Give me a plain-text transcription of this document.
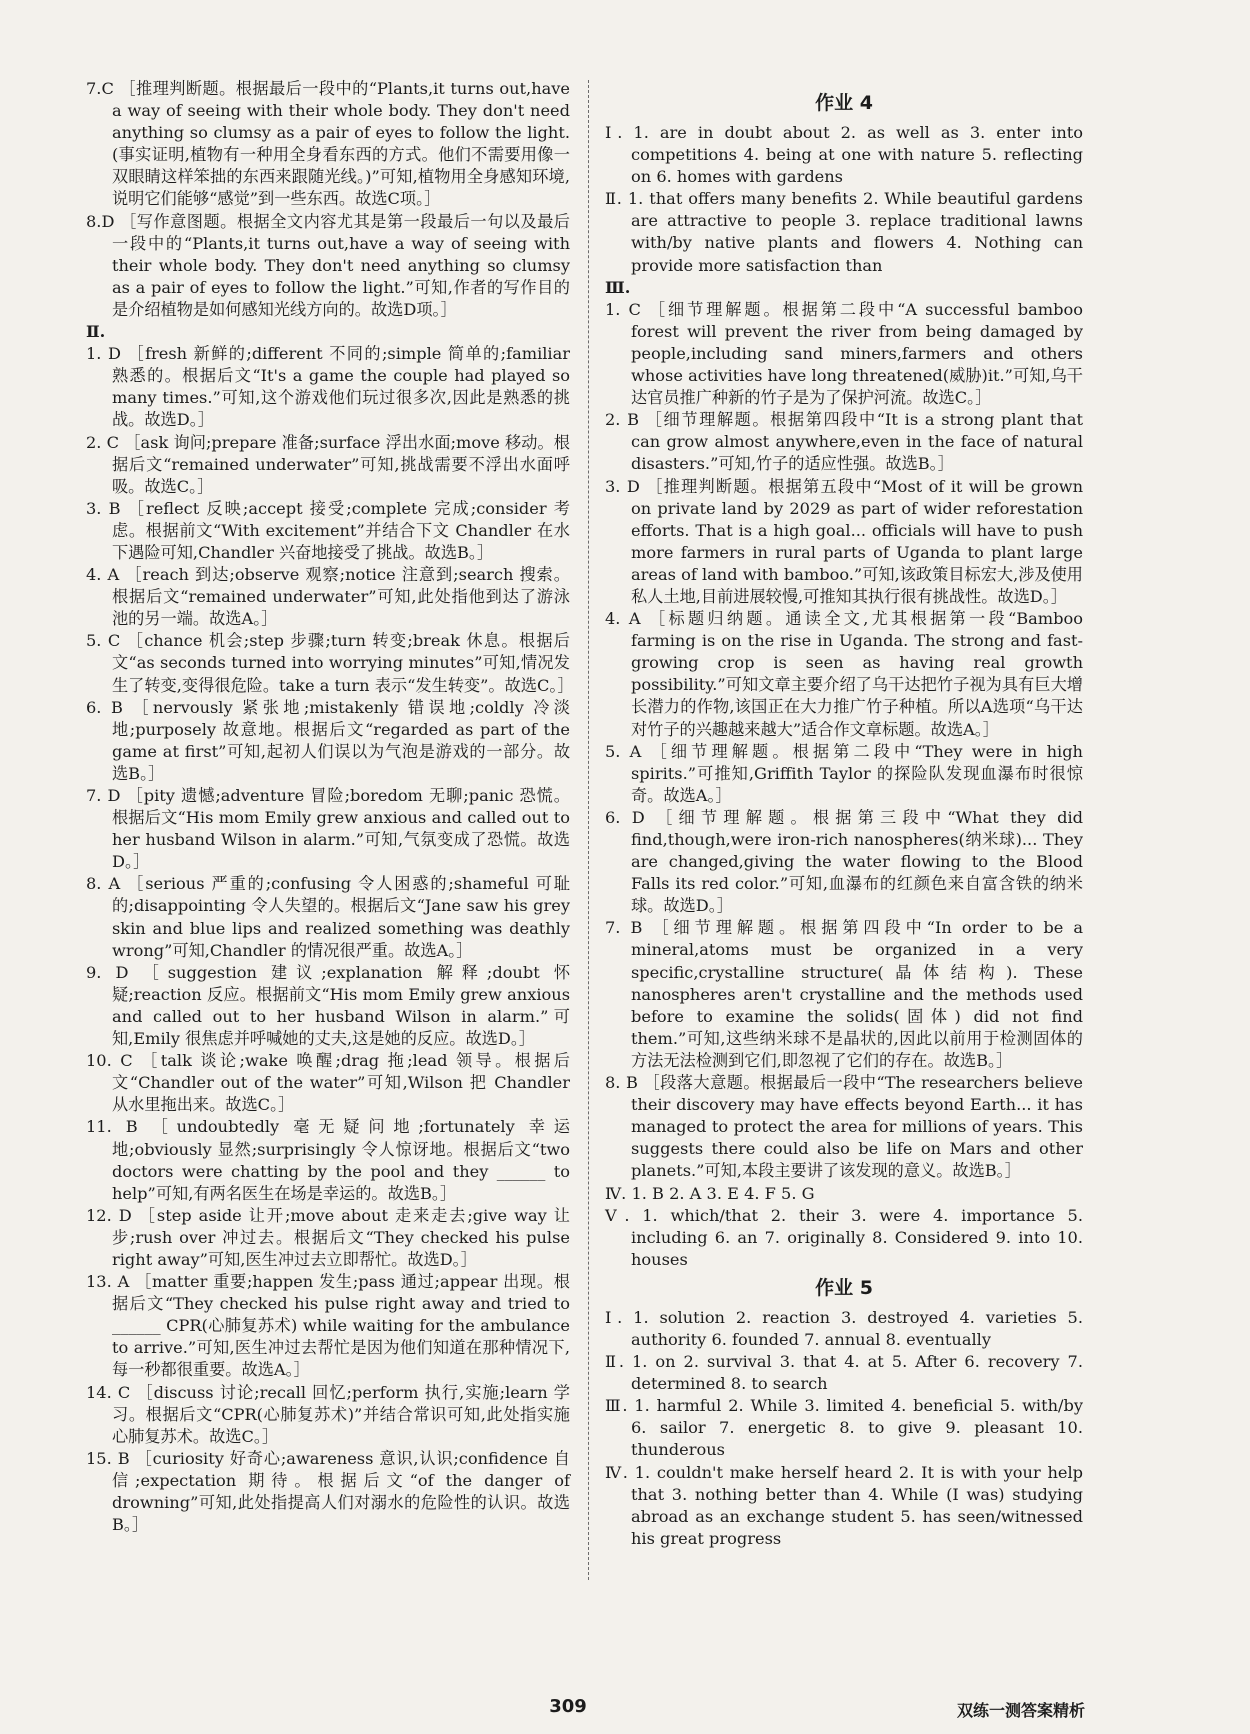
7.C ［推理判断题。根据最后一段中的“Plants,it turns out,have a way of seeing with their whole body. They don't need anything so clumsy as a pair of eyes to follow the light.(事实证明,植物有一种用全身看东西的方式。他们不需要用像一双眼睛这样笨拙的东西来跟随光线。)”可知,植物用全身感知环境,说明它们能够“感觉”到一些东西。故选C项。］

8.D ［写作意图题。根据全文内容尤其是第一段最后一句以及最后一段中的“Plants,it turns out,have a way of seeing with their whole body. They don't need anything so clumsy as a pair of eyes to follow the light.”可知,作者的写作目的是介绍植物是如何感知光线方向的。故选D项。］

Ⅱ.

1. D ［fresh 新鲜的;different 不同的;simple 简单的;familiar 熟悉的。根据后文“It's a game the couple had played so many times.”可知,这个游戏他们玩过很多次,因此是熟悉的挑战。故选D。］

2. C ［ask 询问;prepare 准备;surface 浮出水面;move 移动。根据后文“remained underwater”可知,挑战需要不浮出水面呼吸。故选C。］

3. B ［reflect 反映;accept 接受;complete 完成;consider 考虑。根据前文“With excitement”并结合下文 Chandler 在水下遇险可知,Chandler 兴奋地接受了挑战。故选B。］

4. A ［reach 到达;observe 观察;notice 注意到;search 搜索。根据后文“remained underwater”可知,此处指他到达了游泳池的另一端。故选A。］

5. C ［chance 机会;step 步骤;turn 转变;break 休息。根据后文“as seconds turned into worrying minutes”可知,情况发生了转变,变得很危险。take a turn 表示“发生转变”。故选C。］

6. B ［nervously 紧张地;mistakenly 错误地;coldly 冷淡地;purposely 故意地。根据后文“regarded as part of the game at first”可知,起初人们误以为气泡是游戏的一部分。故选B。］

7. D ［pity 遗憾;adventure 冒险;boredom 无聊;panic 恐慌。根据后文“His mom Emily grew anxious and called out to her husband Wilson in alarm.”可知,气氛变成了恐慌。故选D。］

8. A ［serious 严重的;confusing 令人困惑的;shameful 可耻的;disappointing 令人失望的。根据后文“Jane saw his grey skin and blue lips and realized something was deathly wrong”可知,Chandler 的情况很严重。故选A。］

9. D ［suggestion 建议;explanation 解释;doubt 怀疑;reaction 反应。根据前文“His mom Emily grew anxious and called out to her husband Wilson in alarm.”可知,Emily 很焦虑并呼喊她的丈夫,这是她的反应。故选D。］

10. C ［talk 谈论;wake 唤醒;drag 拖;lead 领导。根据后文“Chandler out of the water”可知,Wilson 把 Chandler 从水里拖出来。故选C。］

11. B ［undoubtedly 毫无疑问地;fortunately 幸运地;obviously 显然;surprisingly 令人惊讶地。根据后文“two doctors were chatting by the pool and they ______ to help”可知,有两名医生在场是幸运的。故选B。］

12. D ［step aside 让开;move about 走来走去;give way 让步;rush over 冲过去。根据后文“They checked his pulse right away”可知,医生冲过去立即帮忙。故选D。］

13. A ［matter 重要;happen 发生;pass 通过;appear 出现。根据后文“They checked his pulse right away and tried to ______ CPR(心肺复苏术) while waiting for the ambulance to arrive.”可知,医生冲过去帮忙是因为他们知道在那种情况下,每一秒都很重要。故选A。］

14. C ［discuss 讨论;recall 回忆;perform 执行,实施;learn 学习。根据后文“CPR(心肺复苏术)”并结合常识可知,此处指实施心肺复苏术。故选C。］

15. B ［curiosity 好奇心;awareness 意识,认识;confidence 自信;expectation 期待。根据后文“of the danger of drowning”可知,此处指提高人们对溺水的危险性的认识。故选B。］

作业 4

Ⅰ. 1. are in doubt about 2. as well as 3. enter into competitions 4. being at one with nature 5. reflecting on 6. homes with gardens

Ⅱ. 1. that offers many benefits 2. While beautiful gardens are attractive to people 3. replace traditional lawns with/by native plants and flowers 4. Nothing can provide more satisfaction than

Ⅲ.

1. C ［细节理解题。根据第二段中“A successful bamboo forest will prevent the river from being damaged by people,including sand miners,farmers and others whose activities have long threatened(威胁)it.”可知,乌干达官员推广种新的竹子是为了保护河流。故选C。］

2. B ［细节理解题。根据第四段中“It is a strong plant that can grow almost anywhere,even in the face of natural disasters.”可知,竹子的适应性强。故选B。］

3. D ［推理判断题。根据第五段中“Most of it will be grown on private land by 2029 as part of wider reforestation efforts. That is a high goal... officials will have to push more farmers in rural parts of Uganda to plant large areas of land with bamboo.”可知,该政策目标宏大,涉及使用私人土地,目前进展较慢,可推知其执行很有挑战性。故选D。］

4. A ［标题归纳题。通读全文,尤其根据第一段“Bamboo farming is on the rise in Uganda. The strong and fast-growing crop is seen as having real growth possibility.”可知文章主要介绍了乌干达把竹子视为具有巨大增长潜力的作物,该国正在大力推广竹子种植。所以A选项“乌干达对竹子的兴趣越来越大”适合作文章标题。故选A。］

5. A ［细节理解题。根据第二段中“They were in high spirits.”可推知,Griffith Taylor 的探险队发现血瀑布时很惊奇。故选A。］

6. D ［细节理解题。根据第三段中“What they did find,though,were iron-rich nanospheres(纳米球)... They are changed,giving the water flowing to the Blood Falls its red color.”可知,血瀑布的红颜色来自富含铁的纳米球。故选D。］

7. B ［细节理解题。根据第四段中“In order to be a mineral,atoms must be organized in a very specific,crystalline structure(晶体结构). These nanospheres aren't crystalline and the methods used before to examine the solids(固体) did not find them.”可知,这些纳米球不是晶状的,因此以前用于检测固体的方法无法检测到它们,即忽视了它们的存在。故选B。］

8. B ［段落大意题。根据最后一段中“The researchers believe their discovery may have effects beyond Earth... it has managed to protect the area for millions of years. This suggests there could also be life on Mars and other planets.”可知,本段主要讲了该发现的意义。故选B。］

Ⅳ. 1. B 2. A 3. E 4. F 5. G

Ⅴ. 1. which/that 2. their 3. were 4. importance 5. including 6. an 7. originally 8. Considered 9. into 10. houses

作业 5

Ⅰ. 1. solution 2. reaction 3. destroyed 4. varieties 5. authority 6. founded 7. annual 8. eventually

Ⅱ. 1. on 2. survival 3. that 4. at 5. After 6. recovery 7. determined 8. to search

Ⅲ. 1. harmful 2. While 3. limited 4. beneficial 5. with/by 6. sailor 7. energetic 8. to give 9. pleasant 10. thunderous

Ⅳ. 1. couldn't make herself heard 2. It is with your help that 3. nothing better than 4. While (I was) studying abroad as an exchange student 5. has seen/witnessed his great progress

309	双练一测答案精析
